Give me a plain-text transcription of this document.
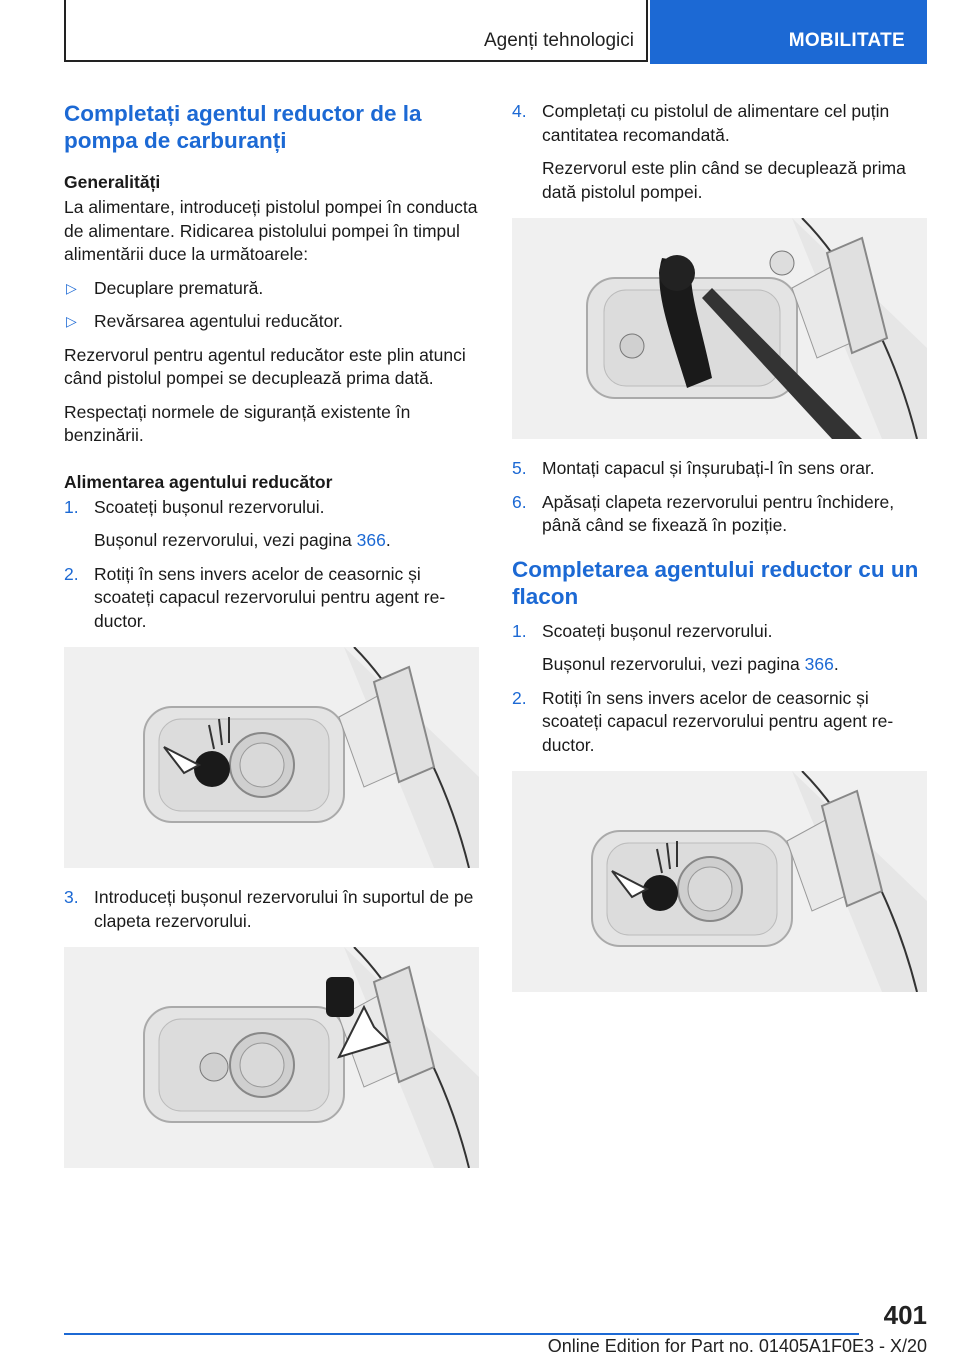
Agenți tehnologici	MOBILITATE
Completați agentul reductor de la pompa de carburanți
Generalități

La alimentare, introduceți pistolul pompei în conducta de alimentare. Ridicarea pistolului pompei în timpul alimentării duce la următoarele:

▷ Decuplare prematură.
▷ Revărsarea agentului reducător.

Rezervorul pentru agentul reducător este plin atunci când pistolul pompei se decuplează prima dată.

Respectați normele de siguranță existente în benzinării.

Alimentarea agentului reducător
1. Scoateți bușonul rezervorului.
Bușonul rezervorului, vezi pagina 366.
2. Rotiți în sens invers acelor de ceasornic și scoateți capacul rezervorului pentru agent reductor.
3. Introduceți bușonul rezervorului în suportul de pe clapeta rezervorului.
4. Completați cu pistolul de alimentare cel puțin cantitatea recomandată.
Rezervorul este plin când se decuplează prima dată pistolul pompei.
5. Montați capacul și înșurubați-l în sens orar.
6. Apăsați clapeta rezervorului pentru închidere, până când se fixează în poziție.
Completarea agentului reductor cu un flacon
1. Scoateți bușonul rezervorului.
Bușonul rezervorului, vezi pagina 366.
2. Rotiți în sens invers acelor de ceasornic și scoateți capacul rezervorului pentru agent reductor.
401
Online Edition for Part no. 01405A1F0E3 - X/20
